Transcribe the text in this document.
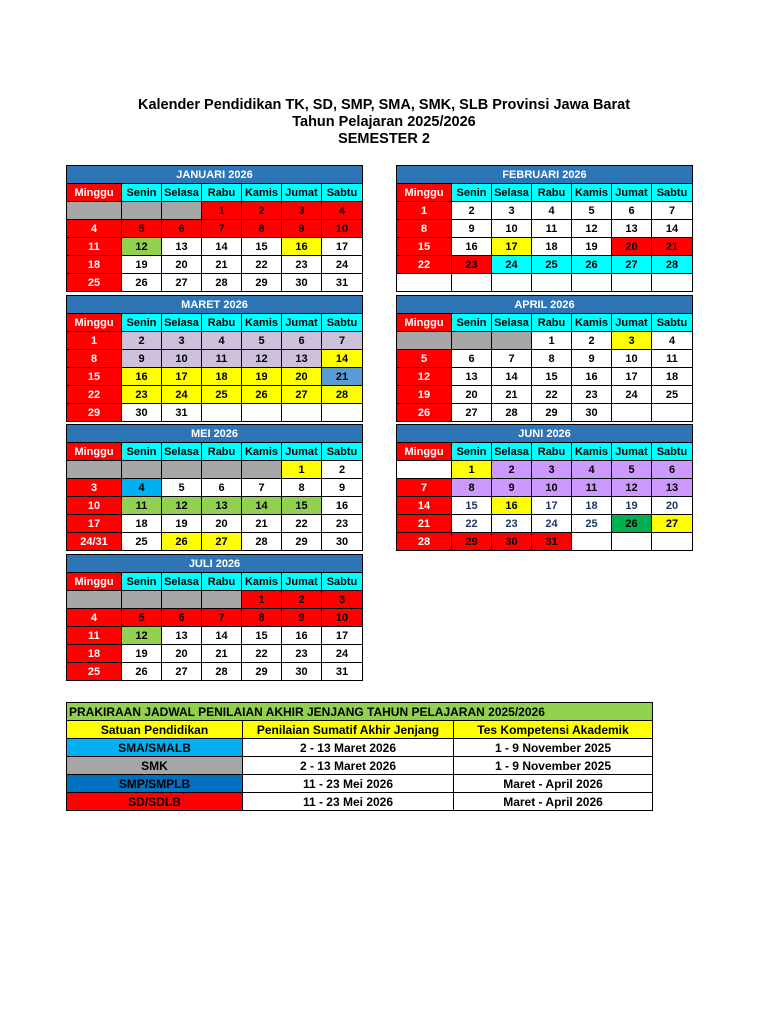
Kalender Pendidikan TK, SD, SMP, SMA, SMK, SLB Provinsi Jawa Barat
Tahun Pelajaran 2025/2026
SEMESTER 2
JANUARI 2026						
Minggu	Senin	Selasa	Rabu	Kamis	Jumat	Sabtu
			1	2	3	4
4	5	6	7	8	9	10
11	12	13	14	15	16	17
18	19	20	21	22	23	24
25	26	27	28	29	30	31
FEBRUARI 2026						
Minggu	Senin	Selasa	Rabu	Kamis	Jumat	Sabtu
1	2	3	4	5	6	7
8	9	10	11	12	13	14
15	16	17	18	19	20	21
22	23	24	25	26	27	28

MARET 2026						
Minggu	Senin	Selasa	Rabu	Kamis	Jumat	Sabtu
1	2	3	4	5	6	7
8	9	10	11	12	13	14
15	16	17	18	19	20	21
22	23	24	25	26	27	28
29	30	31				
APRIL 2026						
Minggu	Senin	Selasa	Rabu	Kamis	Jumat	Sabtu
			1	2	3	4
5	6	7	8	9	10	11
12	13	14	15	16	17	18
19	20	21	22	23	24	25
26	27	28	29	30		
MEI 2026						
Minggu	Senin	Selasa	Rabu	Kamis	Jumat	Sabtu
					1	2
3	4	5	6	7	8	9
10	11	12	13	14	15	16
17	18	19	20	21	22	23
24/31	25	26	27	28	29	30
JUNI 2026						
Minggu	Senin	Selasa	Rabu	Kamis	Jumat	Sabtu
	1	2	3	4	5	6
7	8	9	10	11	12	13
14	15	16	17	18	19	20
21	22	23	24	25	26	27
28	29	30	31			
JULI 2026						
Minggu	Senin	Selasa	Rabu	Kamis	Jumat	Sabtu
				1	2	3
4	5	6	7	8	9	10
11	12	13	14	15	16	17
18	19	20	21	22	23	24
25	26	27	28	29	30	31
PRAKIRAAN JADWAL PENILAIAN AKHIR JENJANG TAHUN PELAJARAN 2025/2026		
Satuan Pendidikan	Penilaian Sumatif Akhir Jenjang	Tes Kompetensi Akademik
SMA/SMALB	2 - 13 Maret 2026	1 - 9 November 2025
SMK	2 - 13 Maret 2026	1 - 9 November 2025
SMP/SMPLB	11 - 23 Mei 2026	Maret - April 2026
SD/SDLB	11 - 23 Mei 2026	Maret - April 2026
